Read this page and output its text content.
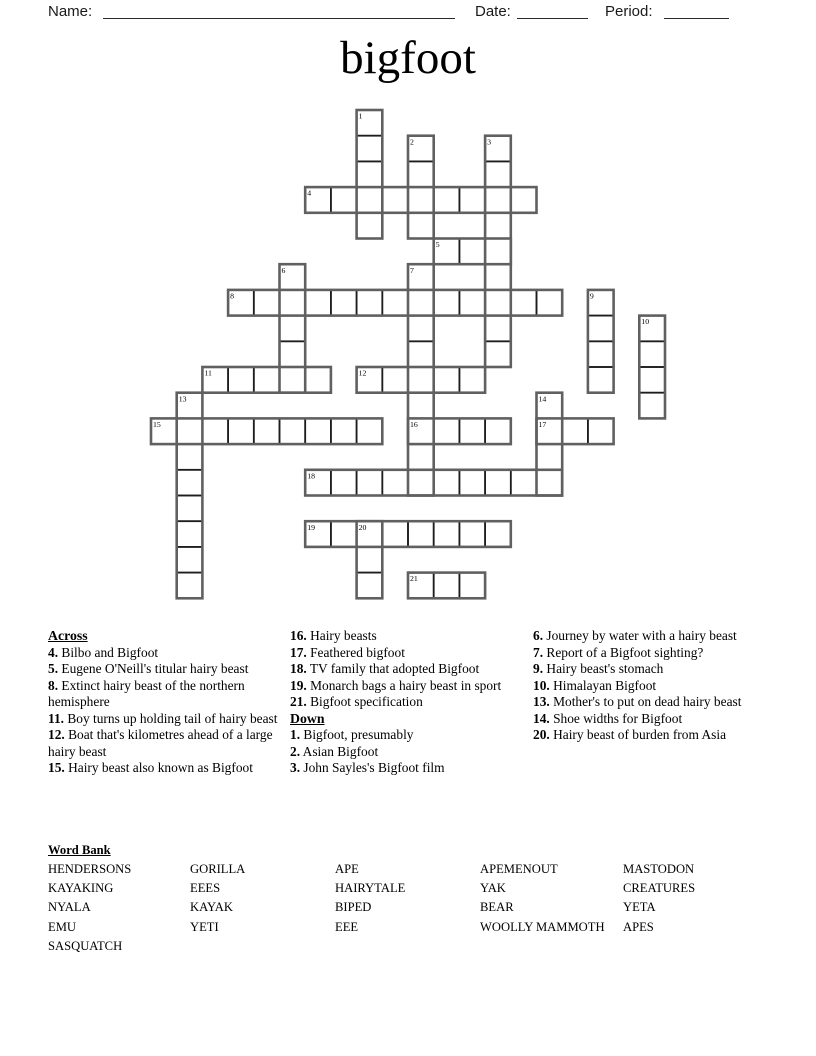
Name:	Date:	Period:
bigfoot
1
2	3
4
5
6	7
8	9
10
11	12
13	14
15	16	17
18
19	20
21
Across
4. Bilbo and Bigfoot
5. Eugene O'Neill's titular hairy beast
8. Extinct hairy beast of the northern hemisphere
11. Boy turns up holding tail of hairy beast
12. Boat that's kilometres ahead of a large hairy beast
15. Hairy beast also known as Bigfoot
16. Hairy beasts
17. Feathered bigfoot
18. TV family that adopted Bigfoot
19. Monarch bags a hairy beast in sport
21. Bigfoot specification
Down
1. Bigfoot, presumably
2. Asian Bigfoot
3. John Sayles's Bigfoot film
6. Journey by water with a hairy beast
7. Report of a Bigfoot sighting?
9. Hairy beast's stomach
10. Himalayan Bigfoot
13. Mother's to put on dead hairy beast
14. Shoe widths for Bigfoot
20. Hairy beast of burden from Asia
Word Bank
HENDERSONS
KAYAKING
NYALA
EMU
SASQUATCH
GORILLA
EEES
KAYAK
YETI
APE
HAIRYTALE
BIPED
EEE
APEMENOUT
YAK
BEAR
WOOLLY MAMMOTH
MASTODON
CREATURES
YETA
APES
